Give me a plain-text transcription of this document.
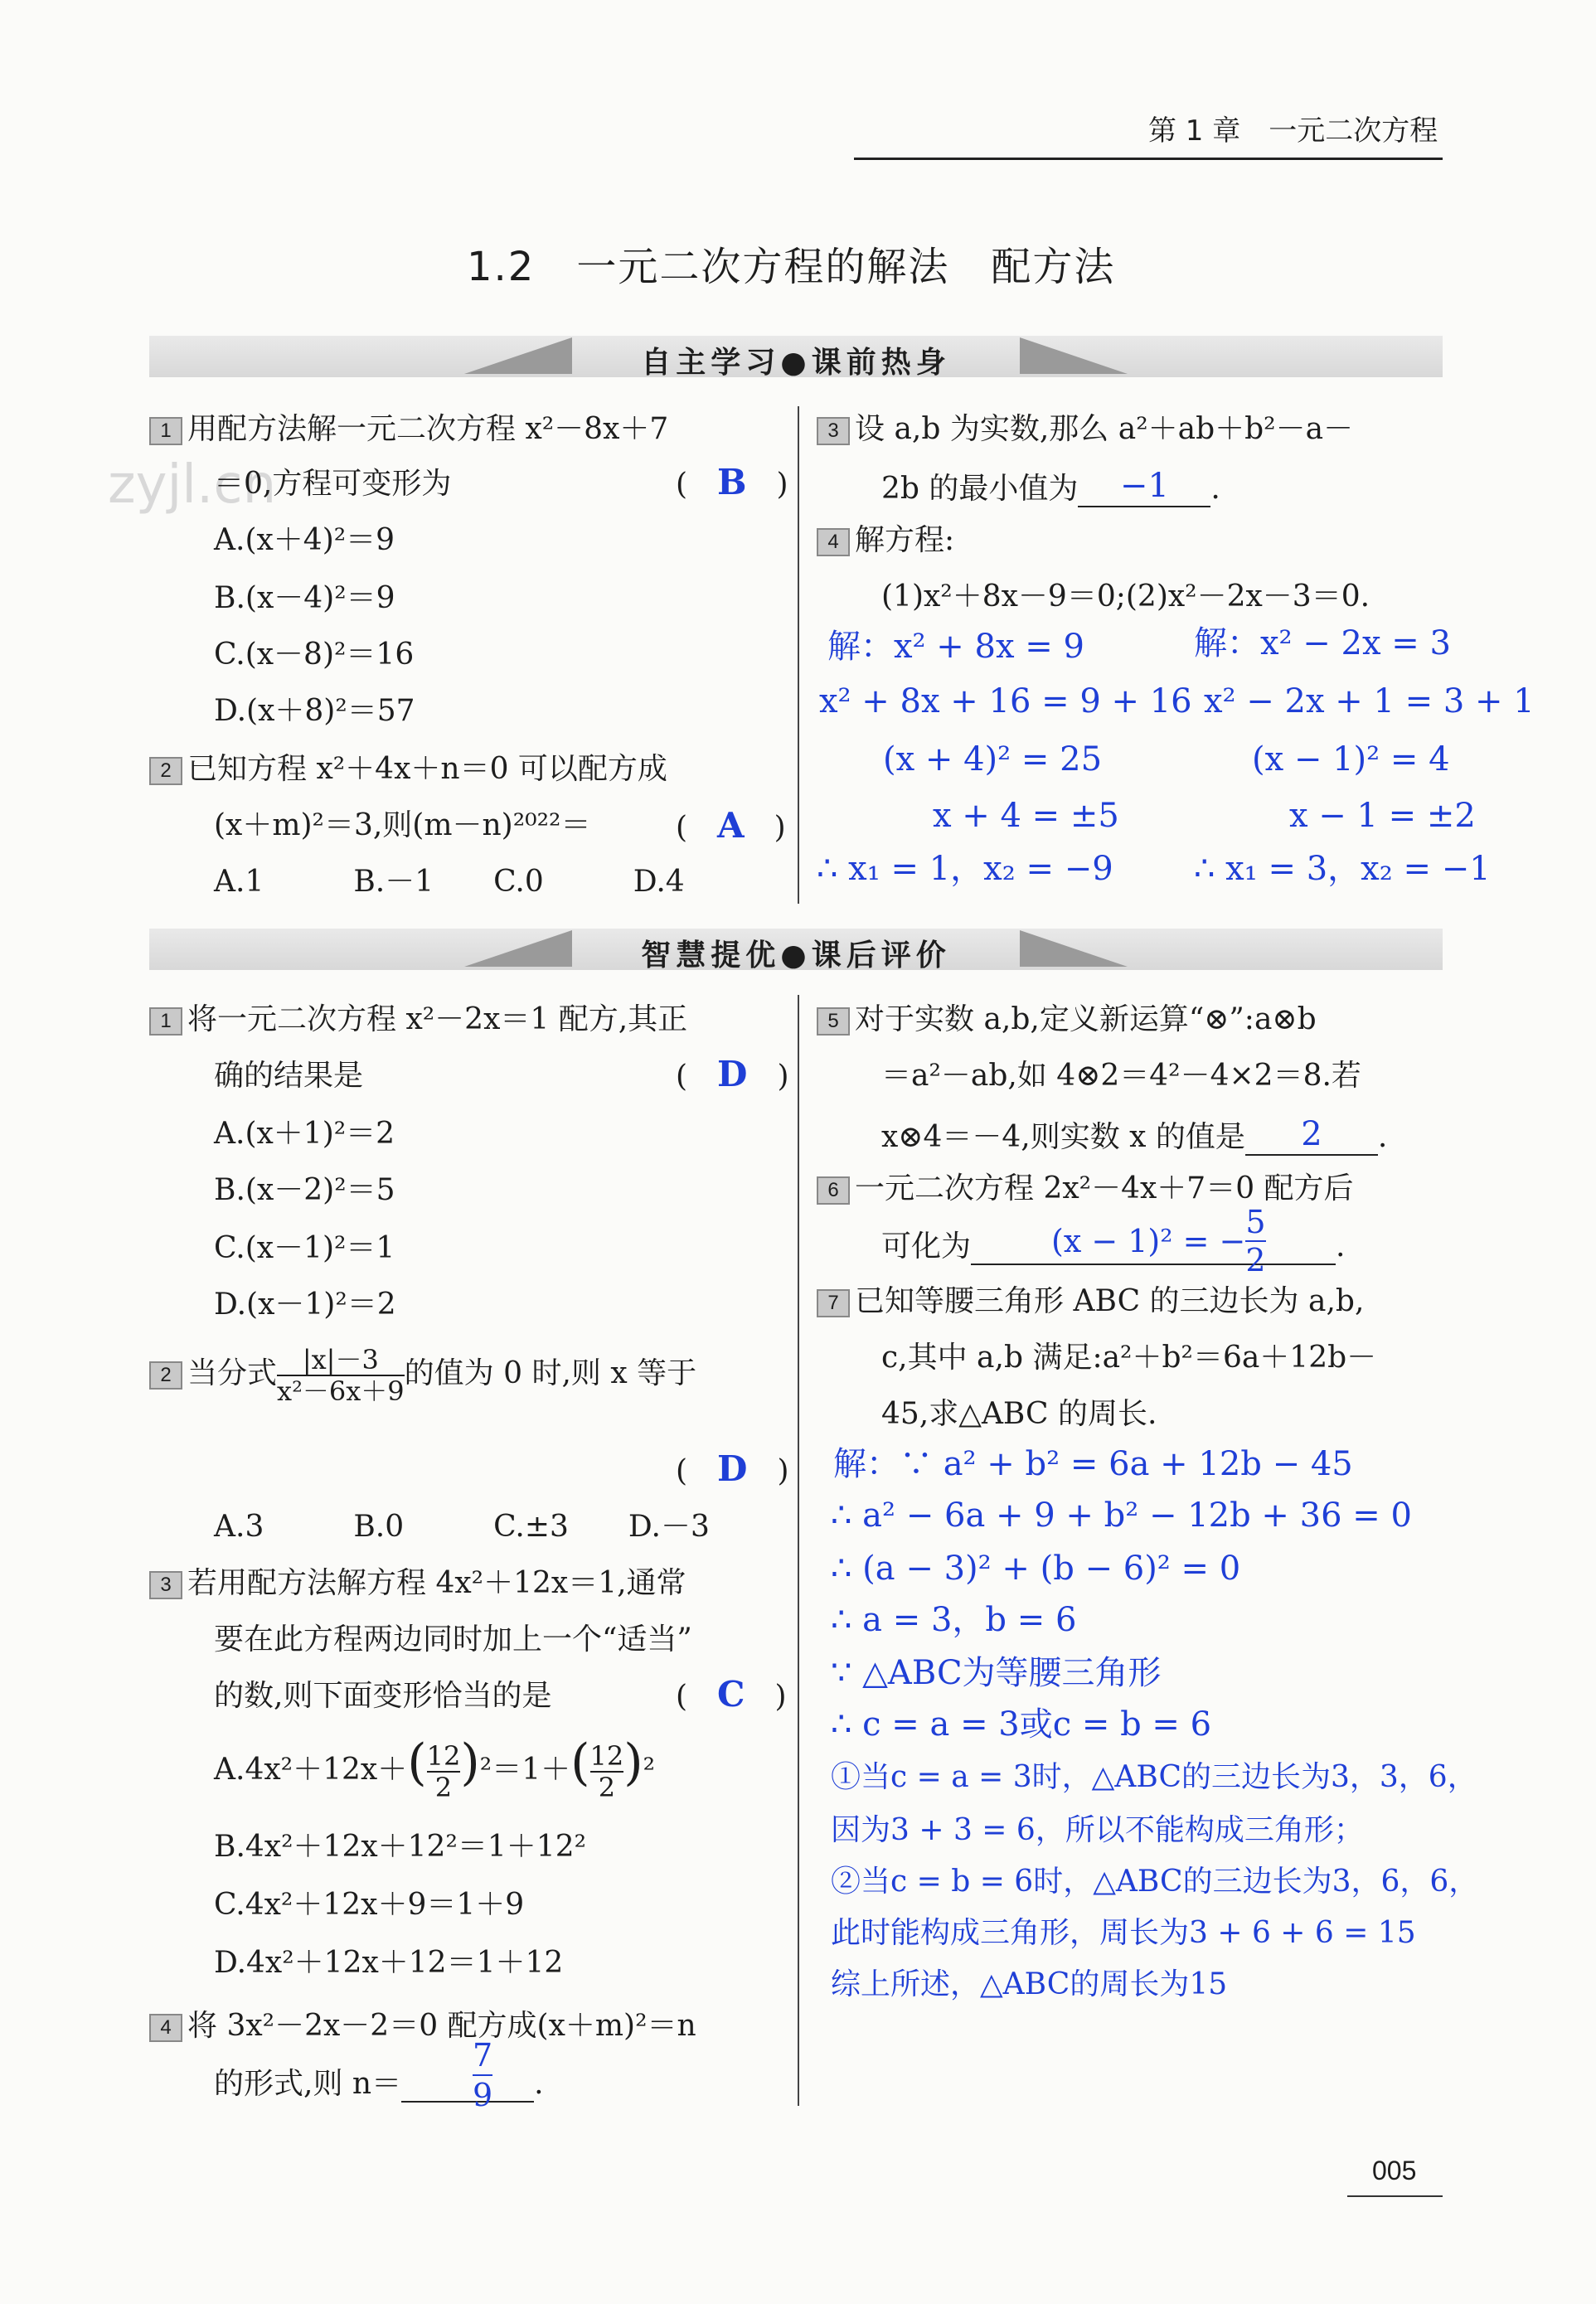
第 1 章　一元二次方程
zyjl.cn
1.2　一元二次方程的解法　配方法
自主学习●课前热身
1 用配方法解一元二次方程 x²－8x＋7
＝0,方程可变形为	(　B　)
A.(x＋4)²＝9
B.(x－4)²＝9
C.(x－8)²＝16
D.(x＋8)²＝57
2 已知方程 x²＋4x＋n＝0 可以配方成
(x＋m)²＝3,则(m－n)²⁰²²＝	(　A　)
A.1　　　B.－1　　C.0　　　D.4
3 设 a,b 为实数,那么 a²＋ab＋b²－a－
2b 的最小值为 −1 .
4 解方程:
(1)x²＋8x－9＝0;(2)x²－2x－3＝0.
解：x² + 8x = 9
x² + 8x + 16 = 9 + 16
(x + 4)² = 25
x + 4 = ±5
∴ x₁ = 1，x₂ = −9
解：x² − 2x = 3
x² − 2x + 1 = 3 + 1
(x − 1)² = 4
x − 1 = ±2
∴ x₁ = 3，x₂ = −1
智慧提优●课后评价
1 将一元二次方程 x²－2x＝1 配方,其正
确的结果是	(　D　)
A.(x＋1)²＝2
B.(x－2)²＝5
C.(x－1)²＝1
D.(x－1)²＝2
2 当分式 $\frac{|x|-3}{\text{x²－6x＋9}}$ 的值为 0 时,则 x 等于
(　D　)
A.3　　　B.0　　　C.±3　　D.－3
3 若用配方法解方程 4x²＋12x＝1,通常
要在此方程两边同时加上一个“适当”
的数,则下面变形恰当的是	(　C　)
$A.4x^2+12x+( \frac{12}{2} )^2=1+( \frac{12}{2} )^2$
B.4x²＋12x＋12²＝1＋12²
C.4x²＋12x＋9＝1＋9
D.4x²＋12x＋12＝1＋12
4 将 3x²－2x－2＝0 配方成(x＋m)²＝n
的形式,则 n＝	.
$\frac{7}{9}$
5 对于实数 a,b,定义新运算“⊗”:a⊗b
＝a²－ab,如 4⊗2＝4²－4×2＝8.若
x⊗4＝－4,则实数 x 的值是 2 .
6 一元二次方程 2x²－4x＋7＝0 配方后
可化为	.
(x − 1)² = − $\frac{5}{2}$
7 已知等腰三角形 ABC 的三边长为 a,b,
c,其中 a,b 满足:a²＋b²＝6a＋12b－
45,求△ABC 的周长.
解：∵ a² + b² = 6a + 12b − 45
∴ a² − 6a + 9 + b² − 12b + 36 = 0
∴ (a − 3)² + (b − 6)² = 0
∴ a = 3，b = 6
∵ △ABC为等腰三角形
∴ c = a = 3或c = b = 6
①当c = a = 3时，△ABC的三边长为3，3，6，
因为3 + 3 = 6，所以不能构成三角形；
②当c = b = 6时，△ABC的三边长为3，6，6，
此时能构成三角形，周长为3 + 6 + 6 = 15
综上所述，△ABC的周长为15
005
